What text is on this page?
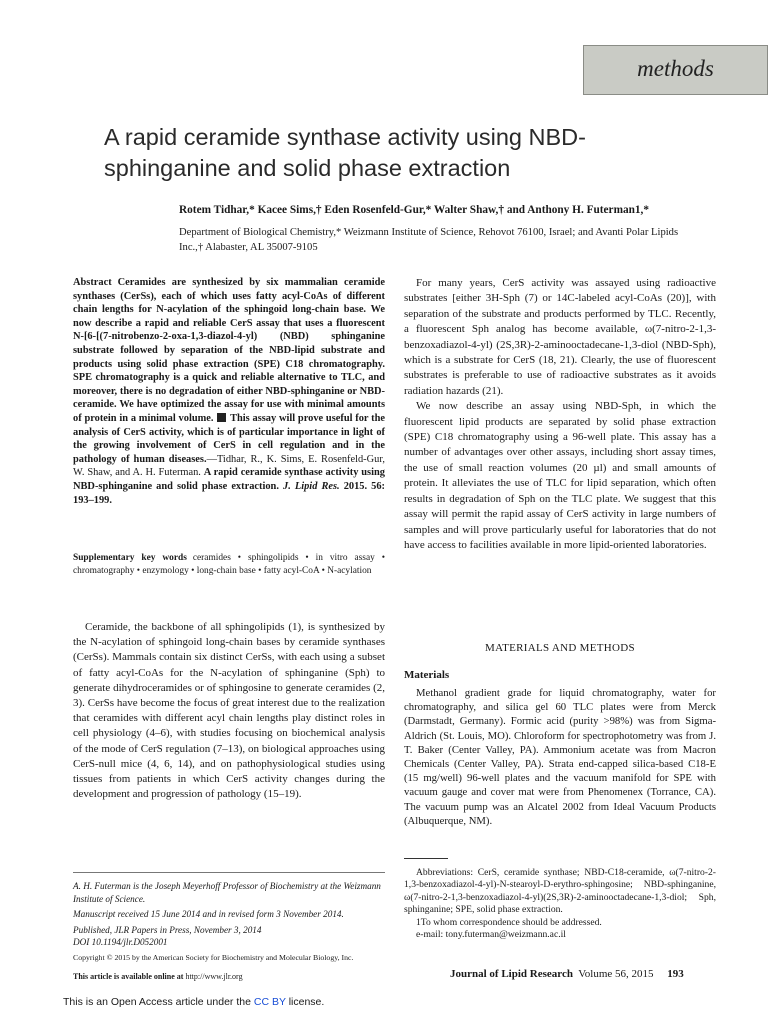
methods
A rapid ceramide synthase activity using NBD-sphinganine and solid phase extraction
Rotem Tidhar,* Kacee Sims,† Eden Rosenfeld-Gur,* Walter Shaw,† and Anthony H. Futerman1,*
Department of Biological Chemistry,* Weizmann Institute of Science, Rehovot 76100, Israel; and Avanti Polar Lipids Inc.,† Alabaster, AL 35007-9105
Abstract Ceramides are synthesized by six mammalian ceramide synthases (CerSs), each of which uses fatty acyl-CoAs of different chain lengths for N-acylation of the sphingoid long-chain base. We now describe a rapid and reliable CerS assay that uses a fluorescent N-[6-[(7-nitrobenzo-2-oxa-1,3-diazol-4-yl) (NBD) sphinganine substrate followed by separation of the NBD-lipid substrate and products using solid phase extraction (SPE) C18 chromatography. SPE chromatography is a quick and reliable alternative to TLC, and moreover, there is no degradation of either NBD-sphinganine or NBD-ceramide. We have optimized the assay for use with minimal amounts of protein in a minimal volume. This assay will prove useful for the analysis of CerS activity, which is of particular importance in light of the growing involvement of CerS in cell regulation and in the pathology of human diseases.—Tidhar, R., K. Sims, E. Rosenfeld-Gur, W. Shaw, and A. H. Futerman. A rapid ceramide synthase activity using NBD-sphinganine and solid phase extraction. J. Lipid Res. 2015. 56: 193–199.
Supplementary key words ceramides • sphingolipids • in vitro assay • chromatography • enzymology • long-chain base • fatty acyl-CoA • N-acylation

Ceramide, the backbone of all sphingolipids (1), is synthesized by the N-acylation of sphingoid long-chain bases by ceramide synthases (CerSs). Mammals contain six distinct CerSs, with each using a subset of fatty acyl-CoAs for the N-acylation of sphinganine (Sph) to generate dihydroceramides or of sphingosine to generate ceramides (2, 3). CerSs have become the focus of great interest due to the realization that ceramides with different acyl chain lengths play distinct roles in cell physiology (4–6), with studies focusing on biochemical analysis of the mode of CerS regulation (7–13), on biological approaches using CerS-null mice (4, 6, 14), and on pathophysiological studies using tissues from patients in which CerS activity changes during the development and progression of pathology (15–19).

For many years, CerS activity was assayed using radioactive substrates [either 3H-Sph (7) or 14C-labeled acyl-CoAs (20)], with separation of the substrate and products performed by TLC. Recently, a fluorescent Sph analog has become available, ω(7-nitro-2-1,3-benzoxadiazol-4-yl) (2S,3R)-2-aminooctadecane-1,3-diol (NBD-Sph), which is a substrate for CerS (18, 21). Clearly, the use of fluorescent substrates is preferable to use of radioactive substrates as it avoids radiation hazards (21).

We now describe an assay using NBD-Sph, in which the fluorescent lipid products are separated by solid phase extraction (SPE) C18 chromatography using a 96-well plate. This assay has a number of advantages over other assays, including short assay times, the use of small reaction volumes (20 µl) and small amounts of protein. It alleviates the use of TLC for lipid separation, which often results in degradation of Sph on the TLC plate. We suggest that this assay will permit the rapid assay of CerS activity in large numbers of samples and will prove particularly useful for laboratories that do not have access to facilities available in more lipid-oriented laboratories.

MATERIALS AND METHODS
Materials

Methanol gradient grade for liquid chromatography, water for chromatography, and silica gel 60 TLC plates were from Merck (Darmstadt, Germany). Formic acid (purity >98%) was from Sigma-Aldrich (St. Louis, MO). Chloroform for spectrophotometry was from J. T. Baker (Center Valley, PA). Ammonium acetate was from Macron Chemicals (Center Valley, PA). Strata end-capped silica-based C18-E (15 mg/well) 96-well plates and the vacuum manifold for SPE with vacuum gauge and cover mat were from Phenomenex (Torrance, CA). The vacuum pump was an Alcatel 2002 from Ideal Vacuum Products (Albuquerque, NM).

Abbreviations: CerS, ceramide synthase; NBD-C18-ceramide, ω(7-nitro-2-1,3-benzoxadiazol-4-yl)-N-stearoyl-D-erythro-sphingosine; NBD-sphinganine, ω(7-nitro-2-1,3-benzoxadiazol-4-yl)(2S,3R)-2-aminooctadecane-1,3-diol; Sph, sphinganine; SPE, solid phase extraction.

1To whom correspondence should be addressed.

e-mail: tony.futerman@weizmann.ac.il

A. H. Futerman is the Joseph Meyerhoff Professor of Biochemistry at the Weizmann Institute of Science.

Manuscript received 15 June 2014 and in revised form 3 November 2014.

Published, JLR Papers in Press, November 3, 2014

DOI 10.1194/jlr.D052001

Copyright © 2015 by the American Society for Biochemistry and Molecular Biology, Inc.
This article is available online at http://www.jlr.org	Journal of Lipid Research Volume 56, 2015 193
This is an Open Access article under the CC BY license.
